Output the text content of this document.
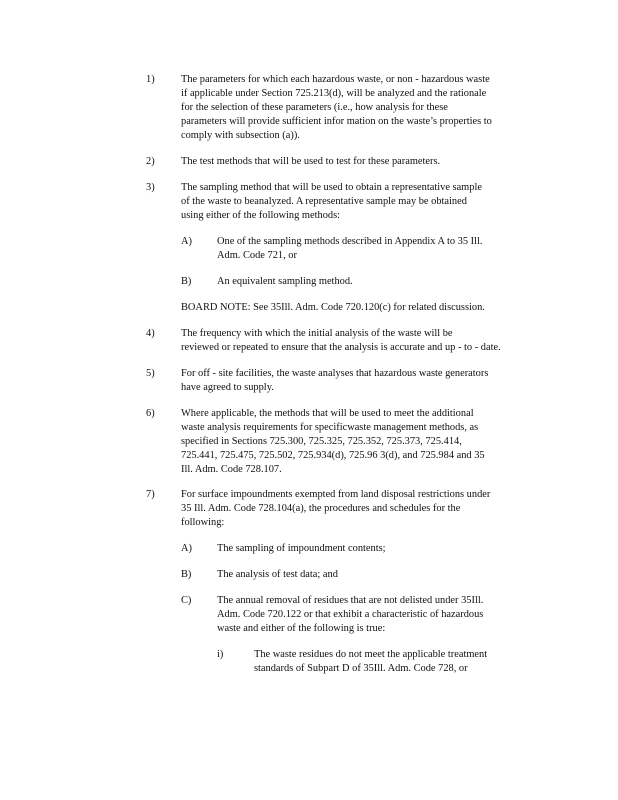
1)	The parameters for which each hazardous waste, or non - hazardous waste
if applicable under Section 725.213(d), will be analyzed and the rationale
for the selection of these parameters (i.e., how analysis for these
parameters will provide sufficient infor mation on the waste’s properties to
comply with subsection (a)).
2)	The test methods that will be used to test for these parameters.
3)	The sampling method that will be used to obtain a representative sample
of the waste to beanalyzed. A representative sample may be obtained
using either of the following methods:
A) One of the sampling methods described in Appendix A to 35 Ill.
Adm. Code 721, or
B) An equivalent sampling method.
BOARD NOTE: See 35Ill. Adm. Code 720.120(c) for related discussion.
4)	The frequency with which the initial analysis of the waste will be
reviewed or repeated to ensure that the analysis is accurate and up - to - date.
5)	For off - site facilities, the waste analyses that hazardous waste generators
have agreed to supply.
6)	Where applicable, the methods that will be used to meet the additional
waste analysis requirements for specificwaste management methods, as
specified in Sections 725.300, 725.325, 725.352, 725.373, 725.414,
725.441, 725.475, 725.502, 725.934(d), 725.96 3(d), and 725.984 and 35
Ill. Adm. Code 728.107.
7)	For surface impoundments exempted from land disposal restrictions under
35 Ill. Adm. Code 728.104(a), the procedures and schedules for the
following:
A) The sampling of impoundment contents;
B) The analysis of test data; and
C) The annual removal of residues that are not delisted under 35Ill.
Adm. Code 720.122 or that exhibit a characteristic of hazardous
waste and either of the following is true:
i)	The waste residues do not meet the applicable treatment
standards of Subpart D of 35Ill. Adm. Code 728, or
